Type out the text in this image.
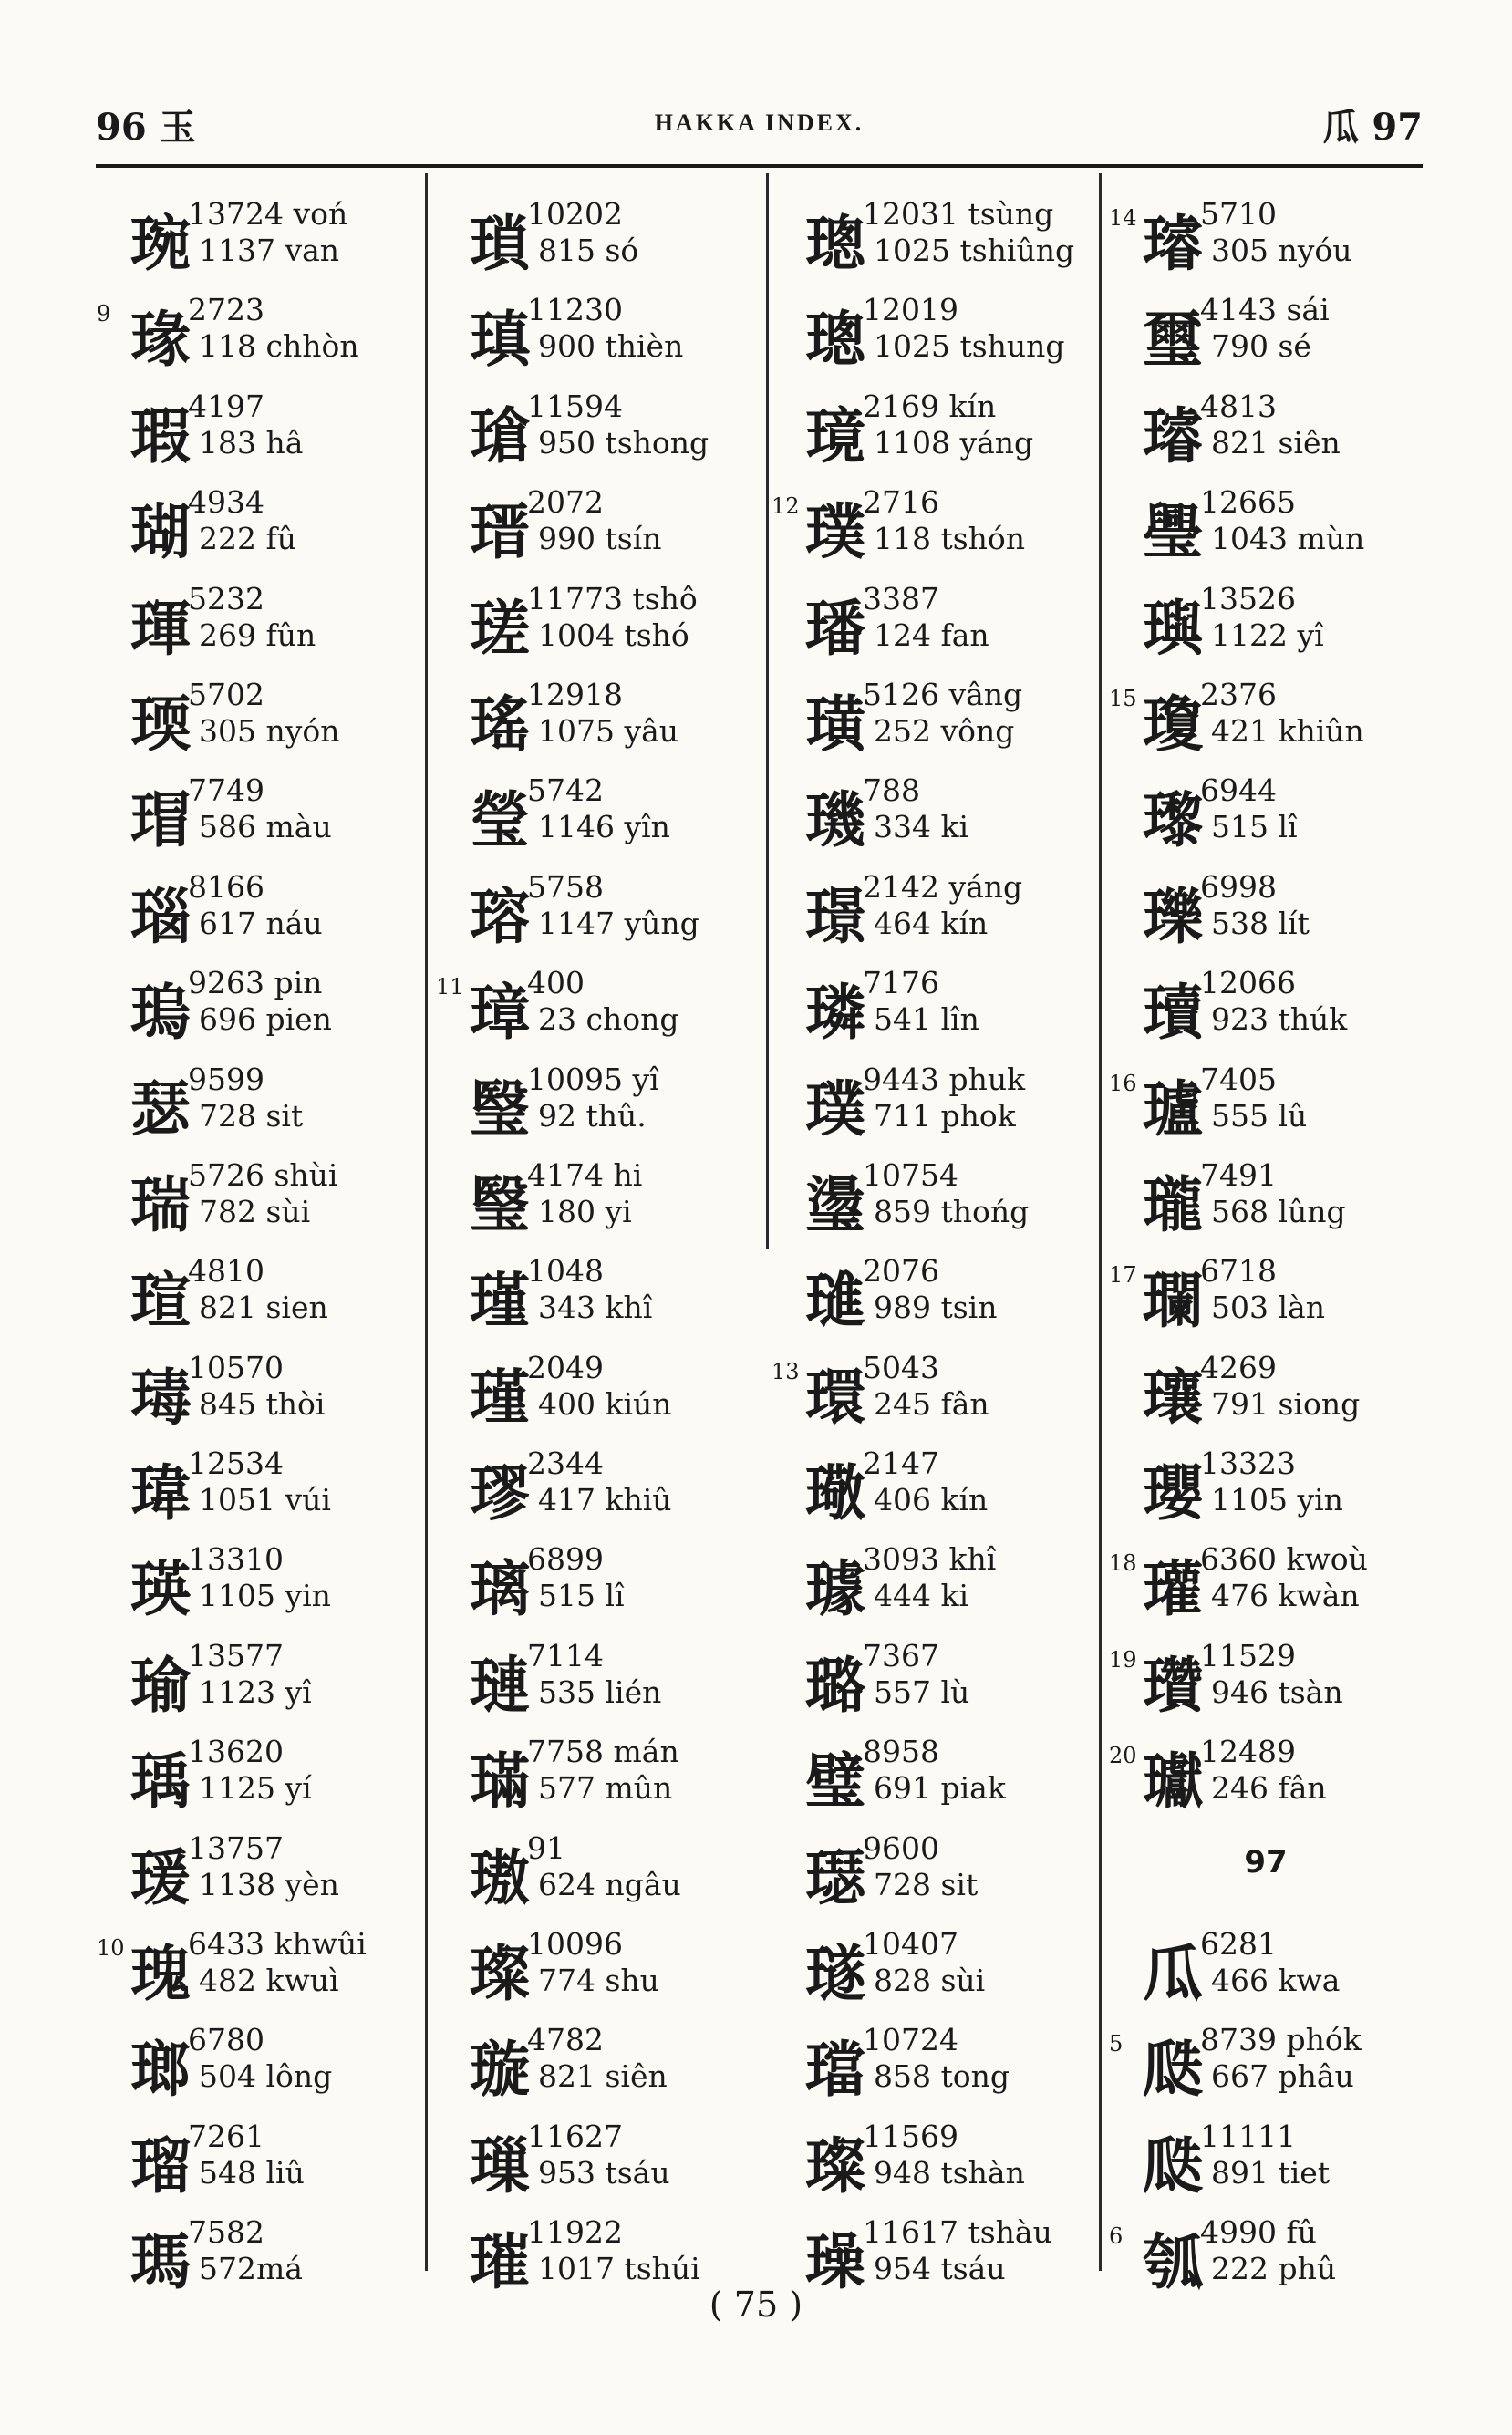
96 玉	HAKKA INDEX.	瓜 97
琬
13724 voń
1137 van
9 瑑
2723
118 chhòn
瑕
4197
183 hâ
瑚
4934
222 fû
琿
5232
269 fûn
瑌
5702
305 nyón
瑁
7749
586 màu
瑙
8166
617 náu
瑦
9263 pin
696 pien
瑟
9599
728 sit
瑞
5726 shùi
782 sùi
瑄
4810
821 sien
瑇
10570
845 thòi
瑋
12534
1051 vúi
瑛
13310
1105 yin
瑜
13577
1123 yî
瑀
13620
1125 yí
瑗
13757
1138 yèn
10 瑰
6433 khwûi
482 kwuì
瑯
6780
504 lông
瑠
7261
548 liû
瑪
7582
572má
瑣
10202
815 só
瑱
11230
900 thièn
瑲
11594
950 tshong
瑨
2072
990 tsín
瑳
11773 tshô
1004 tshó
瑤
12918
1075 yâu
瑩
5742
1146 yîn
瑢
5758
1147 yûng
11 璋
400
23 chong
瑿
10095 yî
92 thû.
瑿
4174 hi
180 yi
瑾
1048
343 khî
瑾
2049
400 kiún
璆
2344
417 khiû
璃
6899
515 lî
璉
7114
535 lién
璊
7758 mán
577 mûn
璈
91
624 ngâu
璨
10096
774 shu
璇
4782
821 siên
璅
11627
953 tsáu
璀
11922
1017 tshúi
璁
12031 tsùng
1025 tshiûng
璁
12019
1025 tshung
璄
2169 kín
1108 yáng
12 璞
2716
118 tshón
璠
3387
124 fan
璜
5126 vâng
252 vông
璣
788
334 ki
璟
2142 yáng
464 kín
璘
7176
541 lîn
璞
9443 phuk
711 phok
璗
10754
859 thońg
璡
2076
989 tsin
13 環
5043
245 fân
璥
2147
406 kín
璩
3093 khî
444 ki
璐
7367
557 lù
璧
8958
691 piak
璱
9600
728 sit
璲
10407
828 sùi
璫
10724
858 tong
璨
11569
948 tshàn
璪
11617 tshàu
954 tsáu
14 璿
5710
305 nyóu
璽
4143 sái
790 sé
璿
4813
821 siên
璺
12665
1043 mùn
璵
13526
1122 yî
15 瓊
2376
421 khiûn
瓈
6944
515 lî
瓅
6998
538 lít
瓄
12066
923 thúk
16 瓐
7405
555 lû
瓏
7491
568 lûng
17 瓓
6718
503 làn
瓖
4269
791 siong
瓔
13323
1105 yin
18 瓘
6360 kwoù
476 kwàn
19 瓚
11529
946 tsàn
20 瓛
12489
246 fân
97
瓜
6281
466 kwa
5 瓞
8739 phók
667 phâu
瓞
11111
891 tiet
6 瓠
4990 fû
222 phû
( 75 )
